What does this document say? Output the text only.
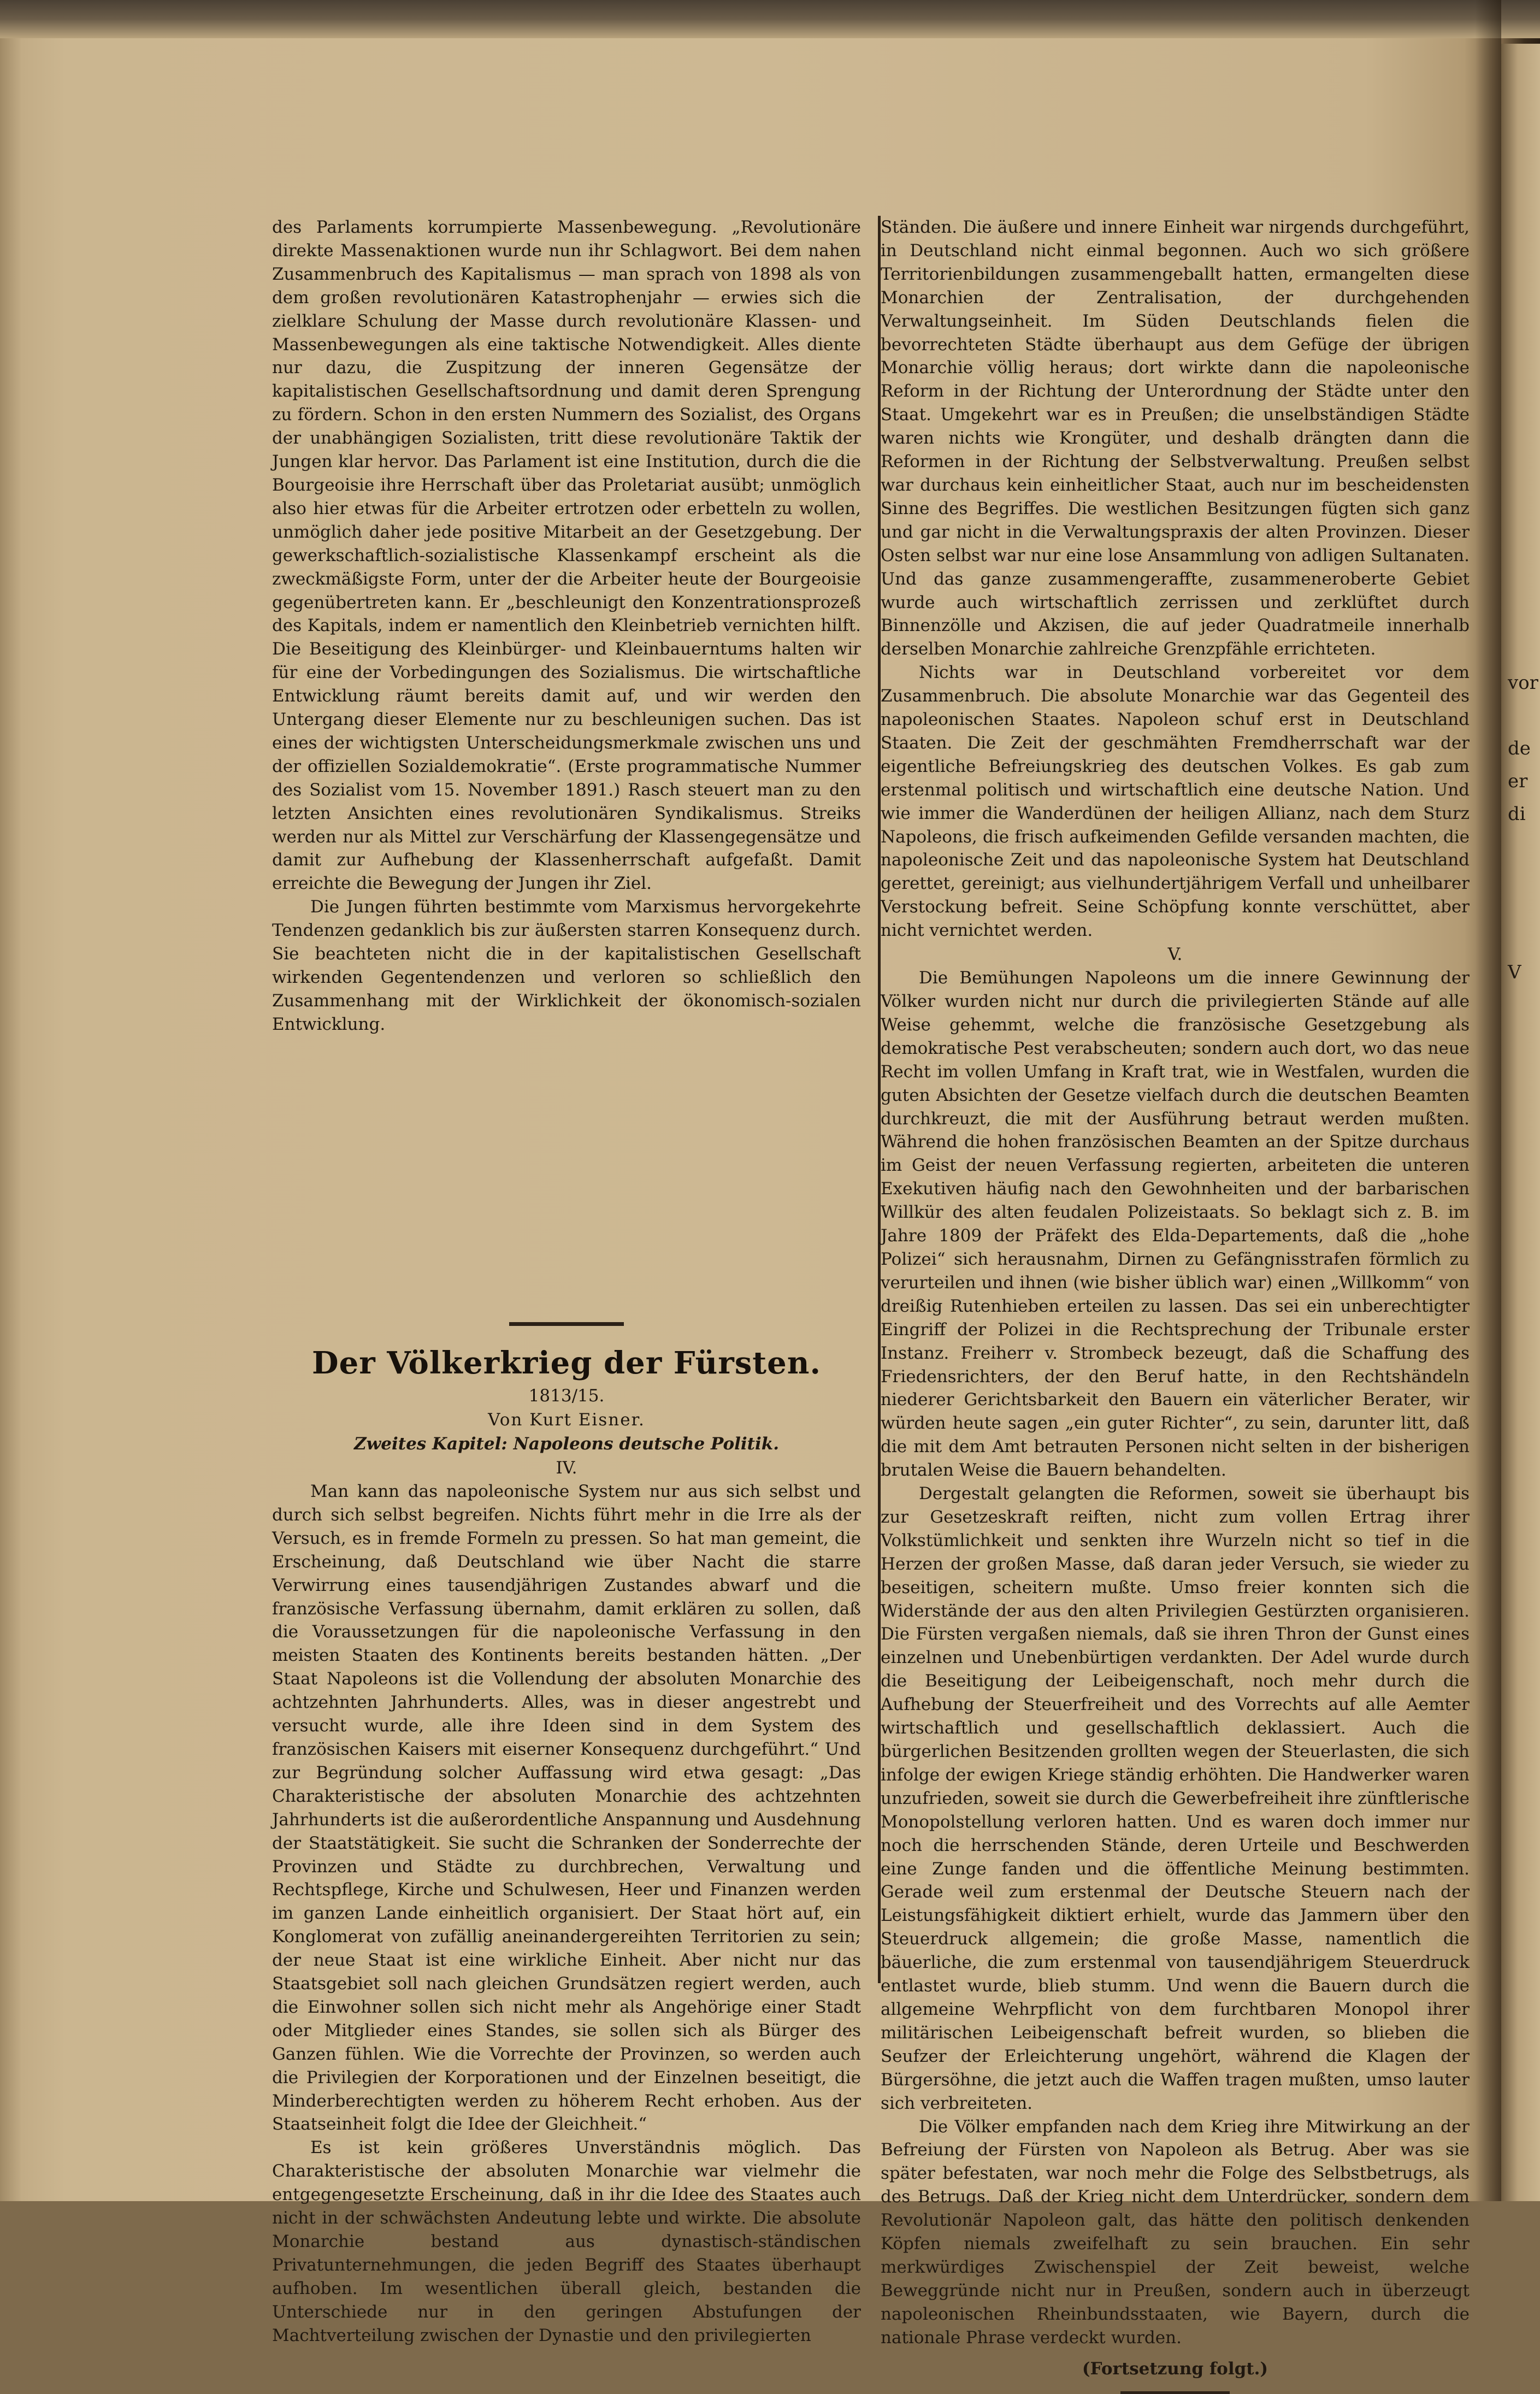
des Parlaments korrumpierte Massenbewegung. „Revolutionäre direkte Massenaktionen wurde nun ihr Schlagwort. Bei dem nahen Zusammenbruch des Kapitalismus — man sprach von 1898 als von dem großen revolutionären Katastrophenjahr — erwies sich die zielklare Schulung der Masse durch revolutionäre Klassen- und Massenbewegungen als eine taktische Notwendigkeit. Alles diente nur dazu, die Zuspitzung der inneren Gegensätze der kapitalistischen Gesellschaftsordnung und damit deren Sprengung zu fördern. Schon in den ersten Nummern des Sozialist, des Organs der unabhängigen Sozialisten, tritt diese revolutionäre Taktik der Jungen klar hervor. Das Parlament ist eine Institution, durch die die Bourgeoisie ihre Herrschaft über das Proletariat ausübt; unmöglich also hier etwas für die Arbeiter ertrotzen oder erbetteln zu wollen, unmöglich daher jede positive Mitarbeit an der Gesetzgebung. Der gewerkschaftlich-sozialistische Klassenkampf erscheint als die zweckmäßigste Form, unter der die Arbeiter heute der Bourgeoisie gegenübertreten kann. Er „beschleunigt den Konzentrationsprozeß des Kapitals, indem er namentlich den Kleinbetrieb vernichten hilft. Die Beseitigung des Kleinbürger- und Kleinbauerntums halten wir für eine der Vorbedingungen des Sozialismus. Die wirtschaftliche Entwicklung räumt bereits damit auf, und wir werden den Untergang dieser Elemente nur zu beschleunigen suchen. Das ist eines der wichtigsten Unterscheidungsmerkmale zwischen uns und der offiziellen Sozialdemokratie“. (Erste programmatische Nummer des Sozialist vom 15. November 1891.) Rasch steuert man zu den letzten Ansichten eines revolutionären Syndikalismus. Streiks werden nur als Mittel zur Verschärfung der Klassengegensätze und damit zur Aufhebung der Klassenherrschaft aufgefaßt. Damit erreichte die Bewegung der Jungen ihr Ziel.

Die Jungen führten bestimmte vom Marxismus hervorgekehrte Tendenzen gedanklich bis zur äußersten starren Konsequenz durch. Sie beachteten nicht die in der kapitalistischen Gesellschaft wirkenden Gegentendenzen und verloren so schließlich den Zusammenhang mit der Wirklichkeit der ökonomisch-sozialen Entwicklung.

Der Völkerkrieg der Fürsten.
1813/15.
Von Kurt Eisner.
Zweites Kapitel: Napoleons deutsche Politik.
IV.

Man kann das napoleonische System nur aus sich selbst und durch sich selbst begreifen. Nichts führt mehr in die Irre als der Versuch, es in fremde Formeln zu pressen. So hat man gemeint, die Erscheinung, daß Deutschland wie über Nacht die starre Verwirrung eines tausendjährigen Zustandes abwarf und die französische Verfassung übernahm, damit erklären zu sollen, daß die Voraussetzungen für die napoleonische Verfassung in den meisten Staaten des Kontinents bereits bestanden hätten. „Der Staat Napoleons ist die Vollendung der absoluten Monarchie des achtzehnten Jahrhunderts. Alles, was in dieser angestrebt und versucht wurde, alle ihre Ideen sind in dem System des französischen Kaisers mit eiserner Konsequenz durchgeführt.“ Und zur Begründung solcher Auffassung wird etwa gesagt: „Das Charakteristische der absoluten Monarchie des achtzehnten Jahrhunderts ist die außerordentliche Anspannung und Ausdehnung der Staatstätigkeit. Sie sucht die Schranken der Sonderrechte der Provinzen und Städte zu durchbrechen, Verwaltung und Rechtspflege, Kirche und Schulwesen, Heer und Finanzen werden im ganzen Lande einheitlich organisiert. Der Staat hört auf, ein Konglomerat von zufällig aneinandergereihten Territorien zu sein; der neue Staat ist eine wirkliche Einheit. Aber nicht nur das Staatsgebiet soll nach gleichen Grundsätzen regiert werden, auch die Einwohner sollen sich nicht mehr als Angehörige einer Stadt oder Mitglieder eines Standes, sie sollen sich als Bürger des Ganzen fühlen. Wie die Vorrechte der Provinzen, so werden auch die Privilegien der Korporationen und der Einzelnen beseitigt, die Minderberechtigten werden zu höherem Recht erhoben. Aus der Staatseinheit folgt die Idee der Gleichheit.“

Es ist kein größeres Unverständnis möglich. Das Charakteristische der absoluten Monarchie war vielmehr die entgegengesetzte Erscheinung, daß in ihr die Idee des Staates auch nicht in der schwächsten Andeutung lebte und wirkte. Die absolute Monarchie bestand aus dynastisch-ständischen Privatunternehmungen, die jeden Begriff des Staates überhaupt aufhoben. Im wesentlichen überall gleich, bestanden die Unterschiede nur in den geringen Abstufungen der Machtverteilung zwischen der Dynastie und den privilegierten

Ständen. Die äußere und innere Einheit war nirgends durchgeführt, in Deutschland nicht einmal begonnen. Auch wo sich größere Territorienbildungen zusammengeballt hatten, ermangelten diese Monarchien der Zentralisation, der durchgehenden Verwaltungseinheit. Im Süden Deutschlands fielen die bevorrechteten Städte überhaupt aus dem Gefüge der übrigen Monarchie völlig heraus; dort wirkte dann die napoleonische Reform in der Richtung der Unterordnung der Städte unter den Staat. Umgekehrt war es in Preußen; die unselbständigen Städte waren nichts wie Krongüter, und deshalb drängten dann die Reformen in der Richtung der Selbstverwaltung. Preußen selbst war durchaus kein einheitlicher Staat, auch nur im bescheidensten Sinne des Begriffes. Die westlichen Besitzungen fügten sich ganz und gar nicht in die Verwaltungspraxis der alten Provinzen. Dieser Osten selbst war nur eine lose Ansammlung von adligen Sultanaten. Und das ganze zusammengeraffte, zusammeneroberte Gebiet wurde auch wirtschaftlich zerrissen und zerklüftet durch Binnenzölle und Akzisen, die auf jeder Quadratmeile innerhalb derselben Monarchie zahlreiche Grenzpfähle errichteten.

Nichts war in Deutschland vorbereitet vor dem Zusammenbruch. Die absolute Monarchie war das Gegenteil des napoleonischen Staates. Napoleon schuf erst in Deutschland Staaten. Die Zeit der geschmähten Fremdherrschaft war der eigentliche Befreiungskrieg des deutschen Volkes. Es gab zum erstenmal politisch und wirtschaftlich eine deutsche Nation. Und wie immer die Wanderdünen der heiligen Allianz, nach dem Sturz Napoleons, die frisch aufkeimenden Gefilde versanden machten, die napoleonische Zeit und das napoleonische System hat Deutschland gerettet, gereinigt; aus vielhundertjährigem Verfall und unheilbarer Verstockung befreit. Seine Schöpfung konnte verschüttet, aber nicht vernichtet werden.

V.

Die Bemühungen Napoleons um die innere Gewinnung der Völker wurden nicht nur durch die privilegierten Stände auf alle Weise gehemmt, welche die französische Gesetzgebung als demokratische Pest verabscheuten; sondern auch dort, wo das neue Recht im vollen Umfang in Kraft trat, wie in Westfalen, wurden die guten Absichten der Gesetze vielfach durch die deutschen Beamten durchkreuzt, die mit der Ausführung betraut werden mußten. Während die hohen französischen Beamten an der Spitze durchaus im Geist der neuen Verfassung regierten, arbeiteten die unteren Exekutiven häufig nach den Gewohnheiten und der barbarischen Willkür des alten feudalen Polizeistaats. So beklagt sich z. B. im Jahre 1809 der Präfekt des Elda-Departements, daß die „hohe Polizei“ sich herausnahm, Dirnen zu Gefängnisstrafen förmlich zu verurteilen und ihnen (wie bisher üblich war) einen „Willkomm“ von dreißig Rutenhieben erteilen zu lassen. Das sei ein unberechtigter Eingriff der Polizei in die Rechtsprechung der Tribunale erster Instanz. Freiherr v. Strombeck bezeugt, daß die Schaffung des Friedensrichters, der den Beruf hatte, in den Rechtshändeln niederer Gerichtsbarkeit den Bauern ein väterlicher Berater, wir würden heute sagen „ein guter Richter“, zu sein, darunter litt, daß die mit dem Amt betrauten Personen nicht selten in der bisherigen brutalen Weise die Bauern behandelten.

Dergestalt gelangten die Reformen, soweit sie überhaupt bis zur Gesetzeskraft reiften, nicht zum vollen Ertrag ihrer Volkstümlichkeit und senkten ihre Wurzeln nicht so tief in die Herzen der großen Masse, daß daran jeder Versuch, sie wieder zu beseitigen, scheitern mußte. Umso freier konnten sich die Widerstände der aus den alten Privilegien Gestürzten organisieren. Die Fürsten vergaßen niemals, daß sie ihren Thron der Gunst eines einzelnen und Unebenbürtigen verdankten. Der Adel wurde durch die Beseitigung der Leibeigenschaft, noch mehr durch die Aufhebung der Steuerfreiheit und des Vorrechts auf alle Aemter wirtschaftlich und gesellschaftlich deklassiert. Auch die bürgerlichen Besitzenden grollten wegen der Steuerlasten, die sich infolge der ewigen Kriege ständig erhöhten. Die Handwerker waren unzufrieden, soweit sie durch die Gewerbefreiheit ihre zünftlerische Monopolstellung verloren hatten. Und es waren doch immer nur noch die herrschenden Stände, deren Urteile und Beschwerden eine Zunge fanden und die öffentliche Meinung bestimmten. Gerade weil zum erstenmal der Deutsche Steuern nach der Leistungsfähigkeit diktiert erhielt, wurde das Jammern über den Steuerdruck allgemein; die große Masse, namentlich die bäuerliche, die zum erstenmal von tausendjährigem Steuerdruck entlastet wurde, blieb stumm. Und wenn die Bauern durch die allgemeine Wehrpflicht von dem furchtbaren Monopol ihrer militärischen Leibeigenschaft befreit wurden, so blieben die Seufzer der Erleichterung ungehört, während die Klagen der Bürgersöhne, die jetzt auch die Waffen tragen mußten, umso lauter sich verbreiteten.

Die Völker empfanden nach dem Krieg ihre Mitwirkung an der Befreiung der Fürsten von Napoleon als Betrug. Aber was sie später befestaten, war noch mehr die Folge des Selbstbetrugs, als des Betrugs. Daß der Krieg nicht dem Unterdrücker, sondern dem Revolutionär Napoleon galt, das hätte den politisch denkenden Köpfen niemals zweifelhaft zu sein brauchen. Ein sehr merkwürdiges Zwischenspiel der Zeit beweist, welche Beweggründe nicht nur in Preußen, sondern auch in überzeugt napoleonischen Rheinbundsstaaten, wie Bayern, durch die nationale Phrase verdeckt wurden.

(Fortsetzung folgt.)
vor
de
er
di
V
